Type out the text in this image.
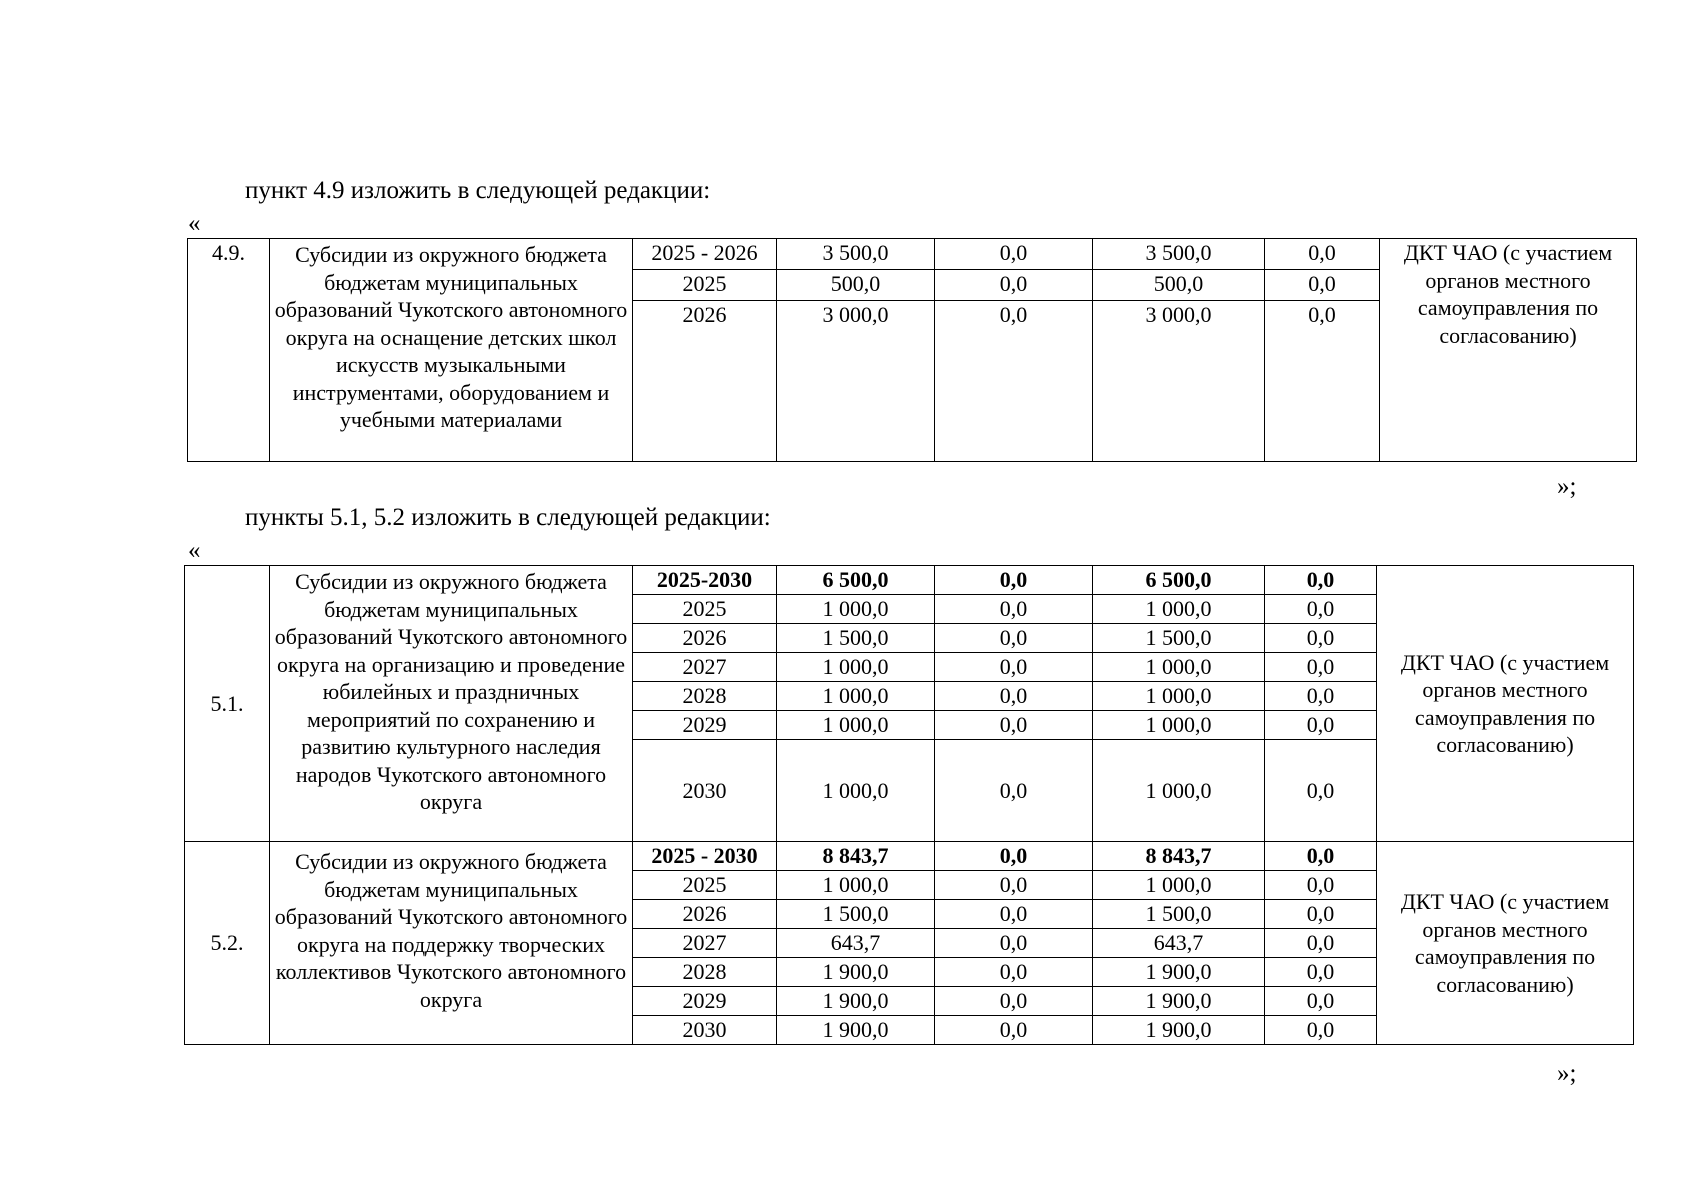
пункт 4.9 изложить в следующей редакции:
«
4.9.	Субсидии из окружного бюджета бюджетам муниципальных образований Чукотского автономного округа на оснащение детских школ искусств музыкальными инструментами, оборудованием и учебными материалами	2025 - 2026	3 500,0	0,0	3 500,0	0,0	ДКТ ЧАО (с участием органов местного самоуправления по согласованию)
		2025	500,0	0,0	500,0	0,0	
		2026	3 000,0	0,0	3 000,0	0,0	
»;
пункты 5.1, 5.2 изложить в следующей редакции:
«
5.1.	Субсидии из окружного бюджета бюджетам муниципальных образований Чукотского автономного округа на организацию и проведение юбилейных и праздничных мероприятий по сохранению и развитию культурного наследия народов Чукотского автономного округа	2025-2030	6 500,0	0,0	6 500,0	0,0	ДКТ ЧАО (с участием органов местного самоуправления по согласованию)
		2025	1 000,0	0,0	1 000,0	0,0	
		2026	1 500,0	0,0	1 500,0	0,0	
		2027	1 000,0	0,0	1 000,0	0,0	
		2028	1 000,0	0,0	1 000,0	0,0	
		2029	1 000,0	0,0	1 000,0	0,0	
		2030	1 000,0	0,0	1 000,0	0,0	
5.2.	Субсидии из окружного бюджета бюджетам муниципальных образований Чукотского автономного округа на поддержку творческих коллективов Чукотского автономного округа	2025 - 2030	8 843,7	0,0	8 843,7	0,0	ДКТ ЧАО (с участием органов местного самоуправления по согласованию)
		2025	1 000,0	0,0	1 000,0	0,0	
		2026	1 500,0	0,0	1 500,0	0,0	
		2027	643,7	0,0	643,7	0,0	
		2028	1 900,0	0,0	1 900,0	0,0	
		2029	1 900,0	0,0	1 900,0	0,0	
		2030	1 900,0	0,0	1 900,0	0,0	
»;
